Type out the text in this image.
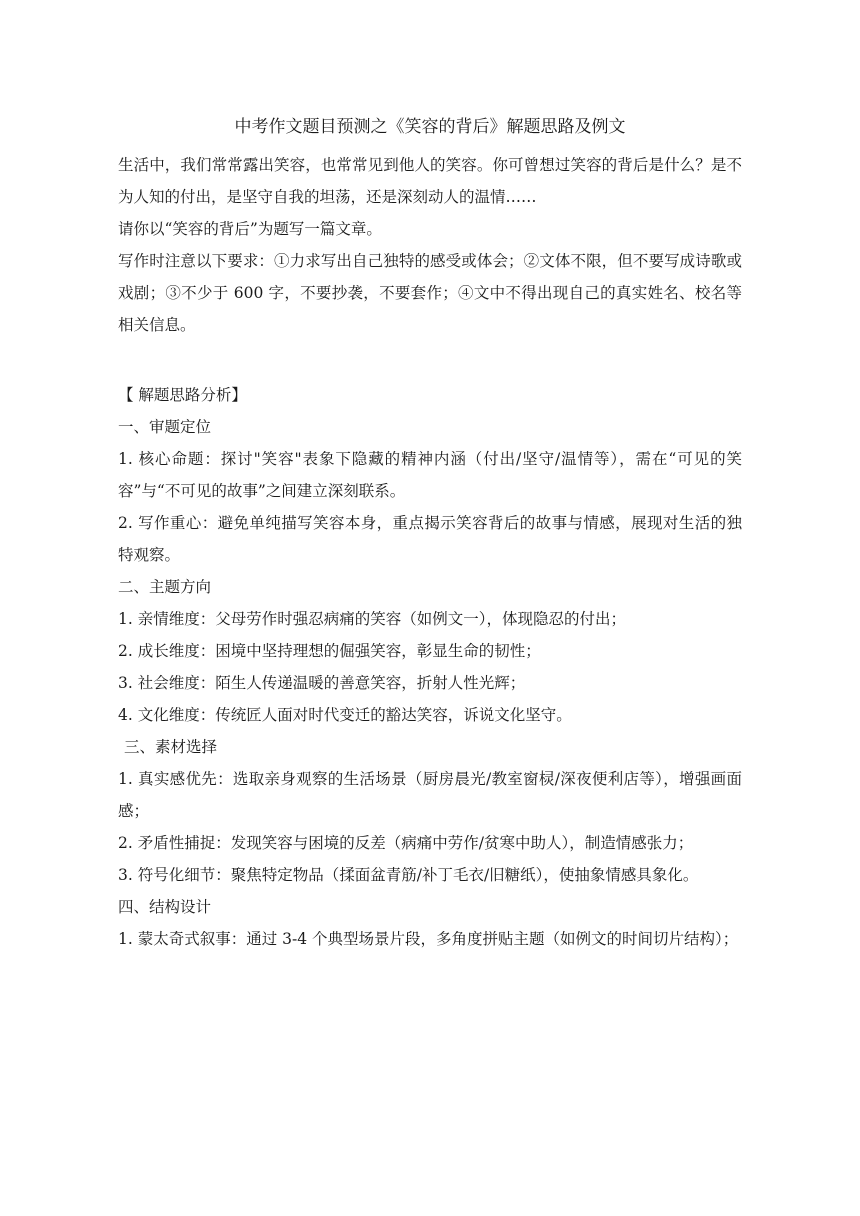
中考作文题目预测之《笑容的背后》解题思路及例文

生活中，我们常常露出笑容，也常常见到他人的笑容。你可曾想过笑容的背后是什么？是不为人知的付出，是坚守自我的坦荡，还是深刻动人的温情……

请你以“笑容的背后”为题写一篇文章。

写作时注意以下要求：①力求写出自己独特的感受或体会；②文体不限，但不要写成诗歌或戏剧；③不少于 600 字，不要抄袭，不要套作；④文中不得出现自己的真实姓名、校名等相关信息。

【 解题思路分析】

一、审题定位

1. 核心命题：探讨"笑容"表象下隐藏的精神内涵（付出/坚守/温情等），需在“可见的笑容”与“不可见的故事”之间建立深刻联系。

2. 写作重心：避免单纯描写笑容本身，重点揭示笑容背后的故事与情感，展现对生活的独特观察。

二、主题方向

1. 亲情维度：父母劳作时强忍病痛的笑容（如例文一），体现隐忍的付出；

2. 成长维度：困境中坚持理想的倔强笑容，彰显生命的韧性；

3. 社会维度：陌生人传递温暖的善意笑容，折射人性光辉；

4. 文化维度：传统匠人面对时代变迁的豁达笑容，诉说文化坚守。

三、素材选择

1. 真实感优先：选取亲身观察的生活场景（厨房晨光/教室窗棂/深夜便利店等），增强画面感；

2. 矛盾性捕捉：发现笑容与困境的反差（病痛中劳作/贫寒中助人），制造情感张力；

3. 符号化细节：聚焦特定物品（揉面盆青筋/补丁毛衣/旧糖纸），使抽象情感具象化。

四、结构设计

1. 蒙太奇式叙事：通过 3-4 个典型场景片段，多角度拼贴主题（如例文的时间切片结构）；
